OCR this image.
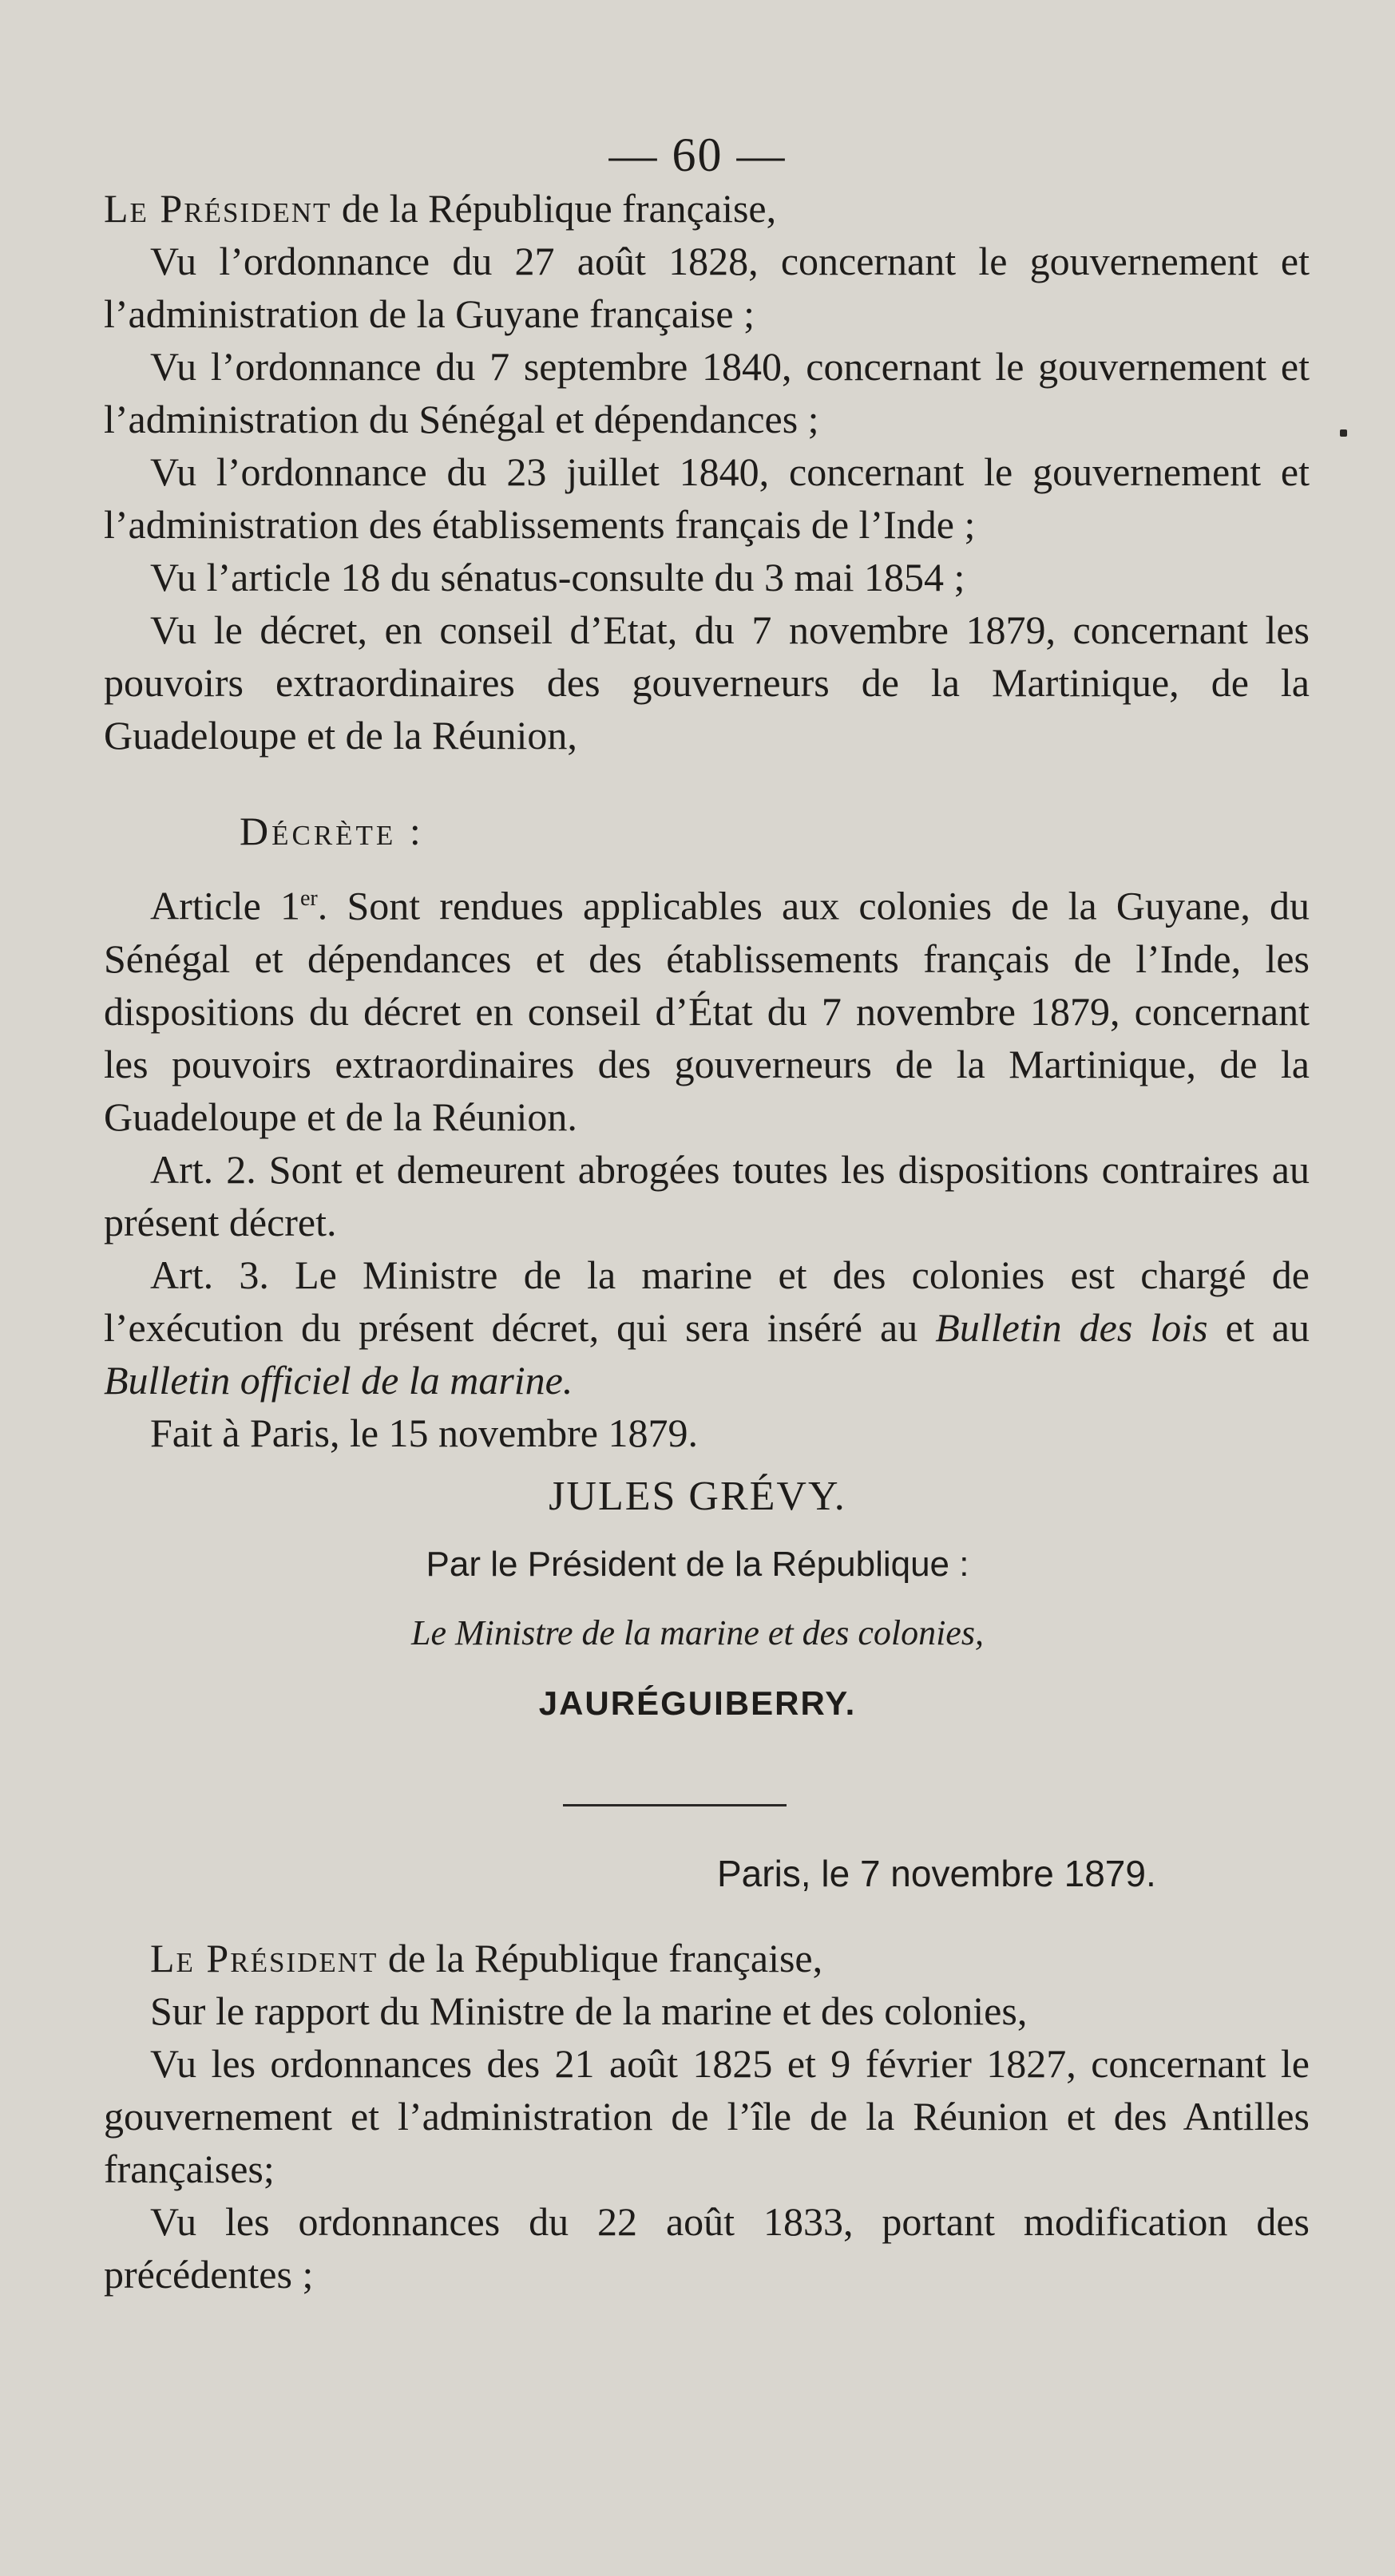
— 60 —

Le Président de la République française,

Vu l’ordonnance du 27 août 1828, concernant le gouvernement et l’administration de la Guyane française ;

Vu l’ordonnance du 7 septembre 1840, concernant le gouvernement et l’administration du Sénégal et dépendances ;

Vu l’ordonnance du 23 juillet 1840, concernant le gouvernement et l’administration des établissements français de l’Inde ;

Vu l’article 18 du sénatus-consulte du 3 mai 1854 ;

Vu le décret, en conseil d’Etat, du 7 novembre 1879, concernant les pouvoirs extraordinaires des gouverneurs de la Martinique, de la Guadeloupe et de la Réunion,

Décrète :

Article 1er. Sont rendues applicables aux colonies de la Guyane, du Sénégal et dépendances et des établissements français de l’Inde, les dispositions du décret en conseil d’État du 7 novembre 1879, concernant les pouvoirs extraordinaires des gouverneurs de la Martinique, de la Guadeloupe et de la Réunion.

Art. 2. Sont et demeurent abrogées toutes les dispositions contraires au présent décret.

Art. 3. Le Ministre de la marine et des colonies est chargé de l’exécution du présent décret, qui sera inséré au Bulletin des lois et au Bulletin officiel de la marine.

Fait à Paris, le 15 novembre 1879.

JULES GRÉVY.
Par le Président de la République :
Le Ministre de la marine et des colonies,
JAURÉGUIBERRY.
Paris, le 7 novembre 1879.

Le Président de la République française,

Sur le rapport du Ministre de la marine et des colonies,

Vu les ordonnances des 21 août 1825 et 9 février 1827, concernant le gouvernement et l’administration de l’île de la Réunion et des Antilles françaises;

Vu les ordonnances du 22 août 1833, portant modification des précédentes ;
